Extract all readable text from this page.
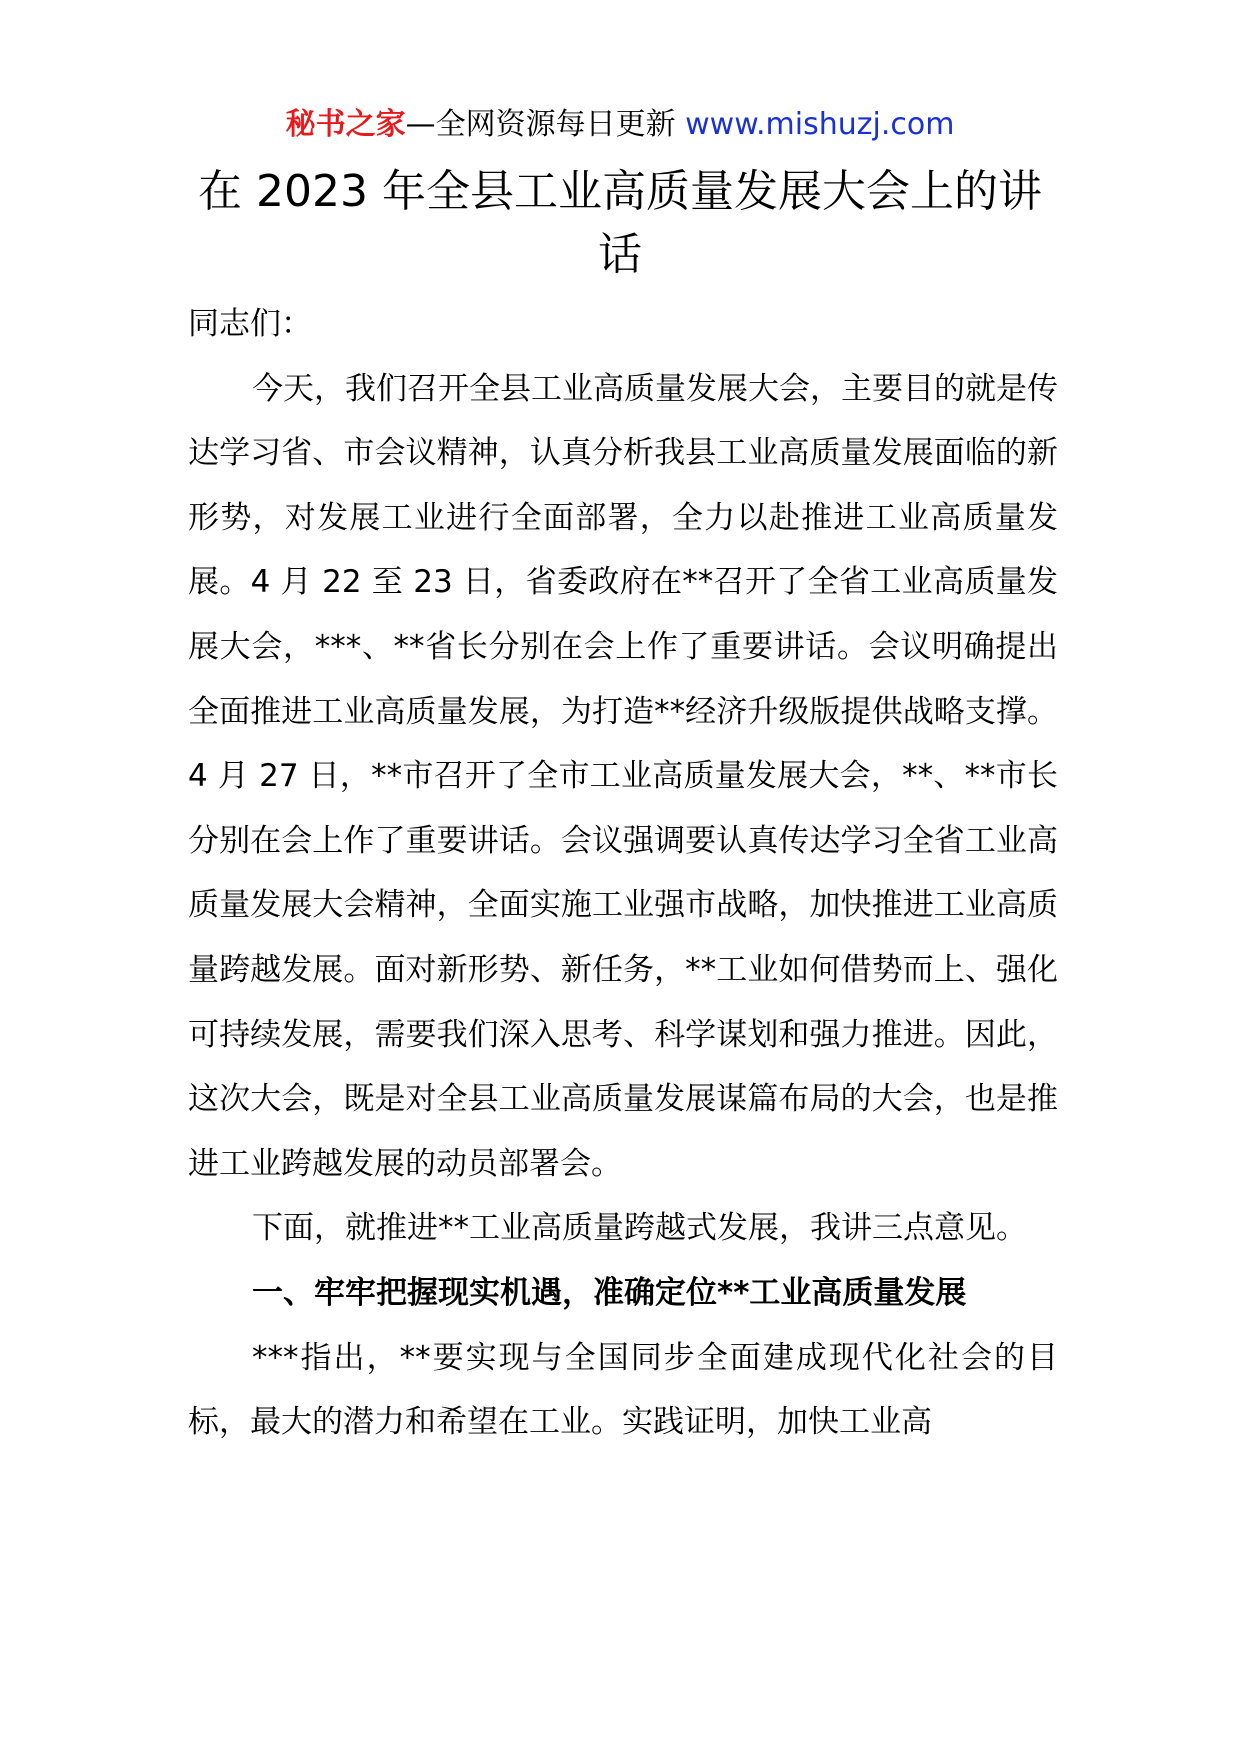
秘书之家—全网资源每日更新 www.mishuzj.com
在 2023 年全县工业高质量发展大会上的讲话

同志们：

今天，我们召开全县工业高质量发展大会，主要目的就是传达学习省、市会议精神，认真分析我县工业高质量发展面临的新形势，对发展工业进行全面部署，全力以赴推进工业高质量发展。4 月 22 至 23 日，省委政府在**召开了全省工业高质量发展大会，***、**省长分别在会上作了重要讲话。会议明确提出全面推进工业高质量发展，为打造**经济升级版提供战略支撑。4 月 27 日，**市召开了全市工业高质量发展大会，**、**市长分别在会上作了重要讲话。会议强调要认真传达学习全省工业高质量发展大会精神，全面实施工业强市战略，加快推进工业高质量跨越发展。面对新形势、新任务，**工业如何借势而上、强化可持续发展，需要我们深入思考、科学谋划和强力推进。因此，这次大会，既是对全县工业高质量发展谋篇布局的大会，也是推进工业跨越发展的动员部署会。

下面，就推进**工业高质量跨越式发展，我讲三点意见。

一、牢牢把握现实机遇，准确定位**工业高质量发展

***指出，**要实现与全国同步全面建成现代化社会的目标，最大的潜力和希望在工业。实践证明，加快工业高
